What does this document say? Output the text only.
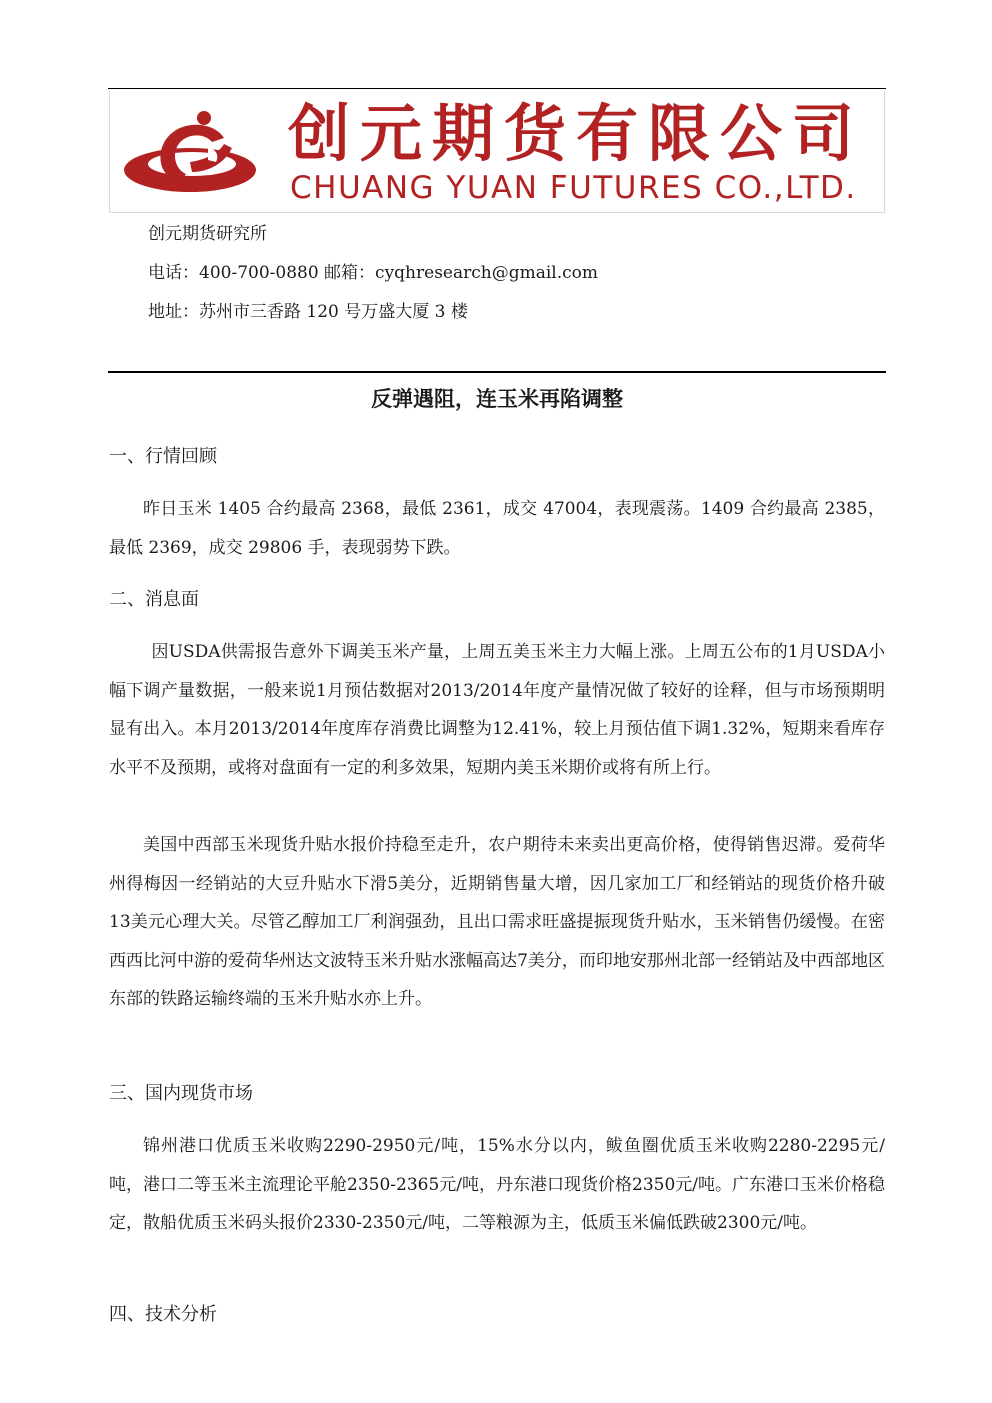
创元期货有限公司
CHUANG YUAN FUTURES CO.,LTD.
创元期货研究所
电话：400-700-0880 邮箱：cyqhresearch@gmail.com
地址：苏州市三香路 120 号万盛大厦 3 楼
反弹遇阻，连玉米再陷调整
一、行情回顾

昨日玉米 1405 合约最高 2368，最低 2361，成交 47004，表现震荡。1409 合约最高 2385，最低 2369，成交 29806 手，表现弱势下跌。

二、消息面

因USDA供需报告意外下调美玉米产量，上周五美玉米主力大幅上涨。上周五公布的1月USDA小幅下调产量数据，一般来说1月预估数据对2013/2014年度产量情况做了较好的诠释，但与市场预期明显有出入。本月2013/2014年度库存消费比调整为12.41%，较上月预估值下调1.32%，短期来看库存水平不及预期，或将对盘面有一定的利多效果，短期内美玉米期价或将有所上行。

美国中西部玉米现货升贴水报价持稳至走升，农户期待未来卖出更高价格，使得销售迟滞。爱荷华州得梅因一经销站的大豆升贴水下滑5美分，近期销售量大增，因几家加工厂和经销站的现货价格升破13美元心理大关。尽管乙醇加工厂利润强劲，且出口需求旺盛提振现货升贴水，玉米销售仍缓慢。在密西西比河中游的爱荷华州达文波特玉米升贴水涨幅高达7美分，而印地安那州北部一经销站及中西部地区东部的铁路运输终端的玉米升贴水亦上升。

三、国内现货市场

锦州港口优质玉米收购2290-2950元/吨，15%水分以内，鲅鱼圈优质玉米收购2280-2295元/吨，港口二等玉米主流理论平舱2350-2365元/吨，丹东港口现货价格2350元/吨。广东港口玉米价格稳定，散船优质玉米码头报价2330-2350元/吨，二等粮源为主，低质玉米偏低跌破2300元/吨。

四、技术分析
